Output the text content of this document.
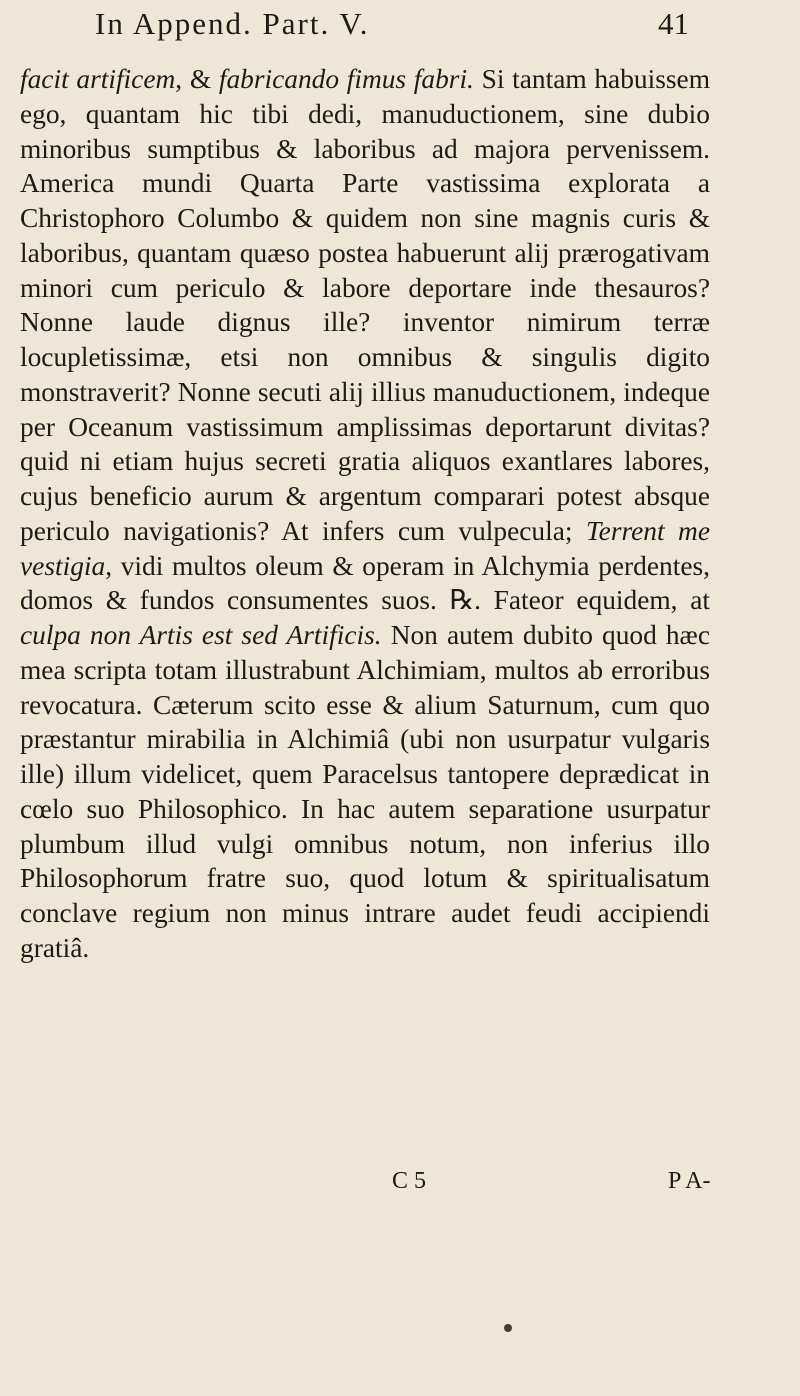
In Append. Part. V.	41

facit artificem, & fabricando fimus fabri. Si tantam habuissem ego, quantam hic tibi dedi, manuductionem, sine dubio minoribus sumptibus & laboribus ad majora pervenissem. America mundi Quarta Parte vastissima explorata a Christophoro Columbo & quidem non sine magnis curis & laboribus, quantam quæso postea habuerunt alij prærogativam minori cum periculo & labore deportare inde thesauros? Nonne laude dignus ille? inventor nimirum terræ locupletissimæ, etsi non omnibus & singulis digito monstraverit? Nonne secuti alij illius manuductionem, indeque per Oceanum vastissimum amplissimas deportarunt divitas? quid ni etiam hujus secreti gratia aliquos exantlares labores, cujus beneficio aurum & argentum comparari potest absque periculo navigationis? At infers cum vulpecula; Terrent me vestigia, vidi multos oleum & operam in Alchymia perdentes, domos & fundos consumentes suos. ℞. Fateor equidem, at culpa non Artis est sed Artificis. Non autem dubito quod hæc mea scripta totam illustrabunt Alchimiam, multos ab erroribus revocatura. Cæterum scito esse & alium Saturnum, cum quo præstantur mirabilia in Alchimiâ (ubi non usurpatur vulgaris ille) illum videlicet, quem Paracelsus tantopere deprædicat in cœlo suo Philosophico. In hac autem separatione usurpatur plumbum illud vulgi omnibus notum, non inferius illo Philosophorum fratre suo, quod lotum & spiritualisatum conclave regium non minus intrare audet feudi accipiendi gratiâ.

C 5	P A-
